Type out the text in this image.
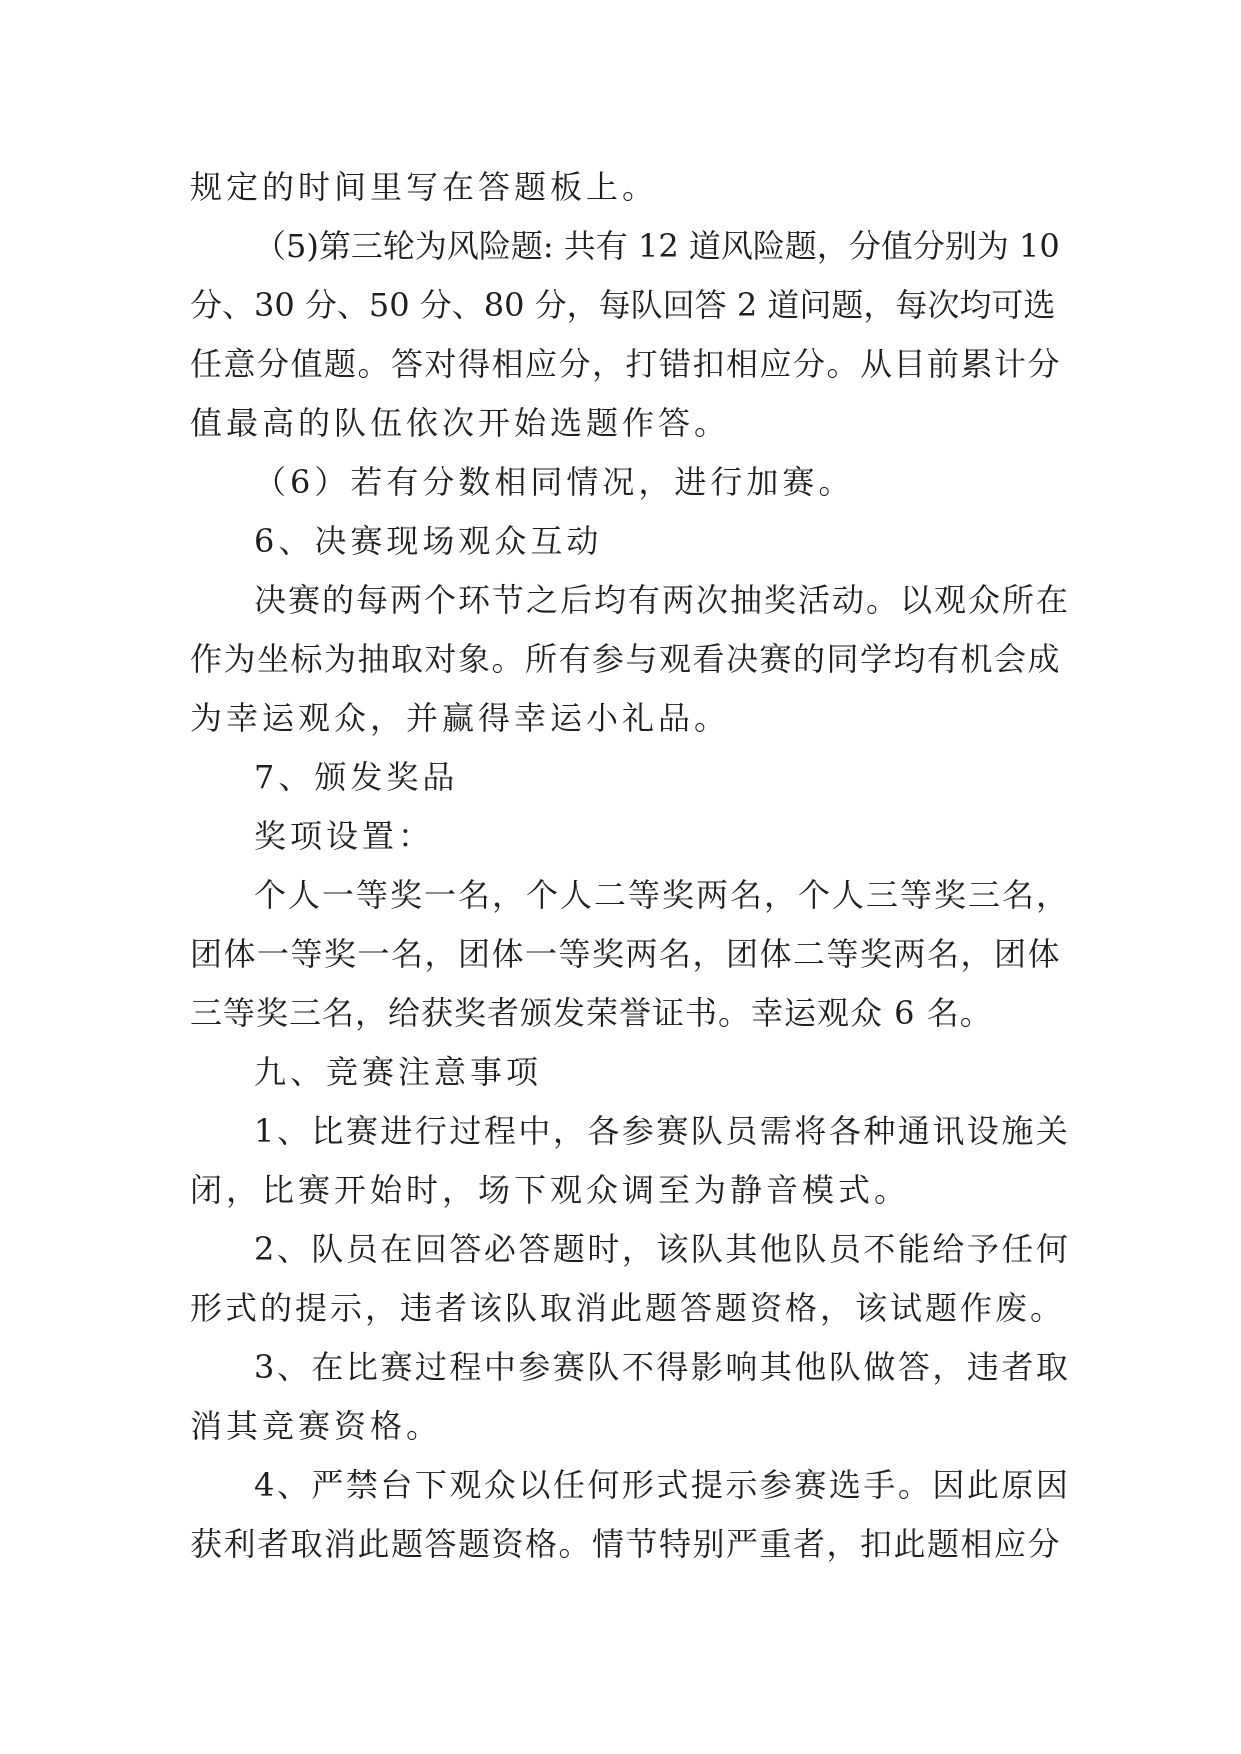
规定的时间里写在答题板上。
（5)第三轮为风险题: 共有 12 道风险题，分值分别为 10
分、30 分、50 分、80 分，每队回答 2 道问题，每次均可选
任意分值题。答对得相应分，打错扣相应分。从目前累计分
值最高的队伍依次开始选题作答。
（6）若有分数相同情况，进行加赛。
6、决赛现场观众互动
决赛的每两个环节之后均有两次抽奖活动。以观众所在
作为坐标为抽取对象。所有参与观看决赛的同学均有机会成
为幸运观众，并赢得幸运小礼品。
7、颁发奖品
奖项设置：
个人一等奖一名，个人二等奖两名，个人三等奖三名，
团体一等奖一名，团体一等奖两名，团体二等奖两名，团体
三等奖三名，给获奖者颁发荣誉证书。幸运观众 6 名。
九、竞赛注意事项
1、比赛进行过程中，各参赛队员需将各种通讯设施关
闭，比赛开始时，场下观众调至为静音模式。
2、队员在回答必答题时，该队其他队员不能给予任何
形式的提示，违者该队取消此题答题资格，该试题作废。
3、在比赛过程中参赛队不得影响其他队做答，违者取
消其竞赛资格。
4、严禁台下观众以任何形式提示参赛选手。因此原因
获利者取消此题答题资格。情节特别严重者，扣此题相应分
